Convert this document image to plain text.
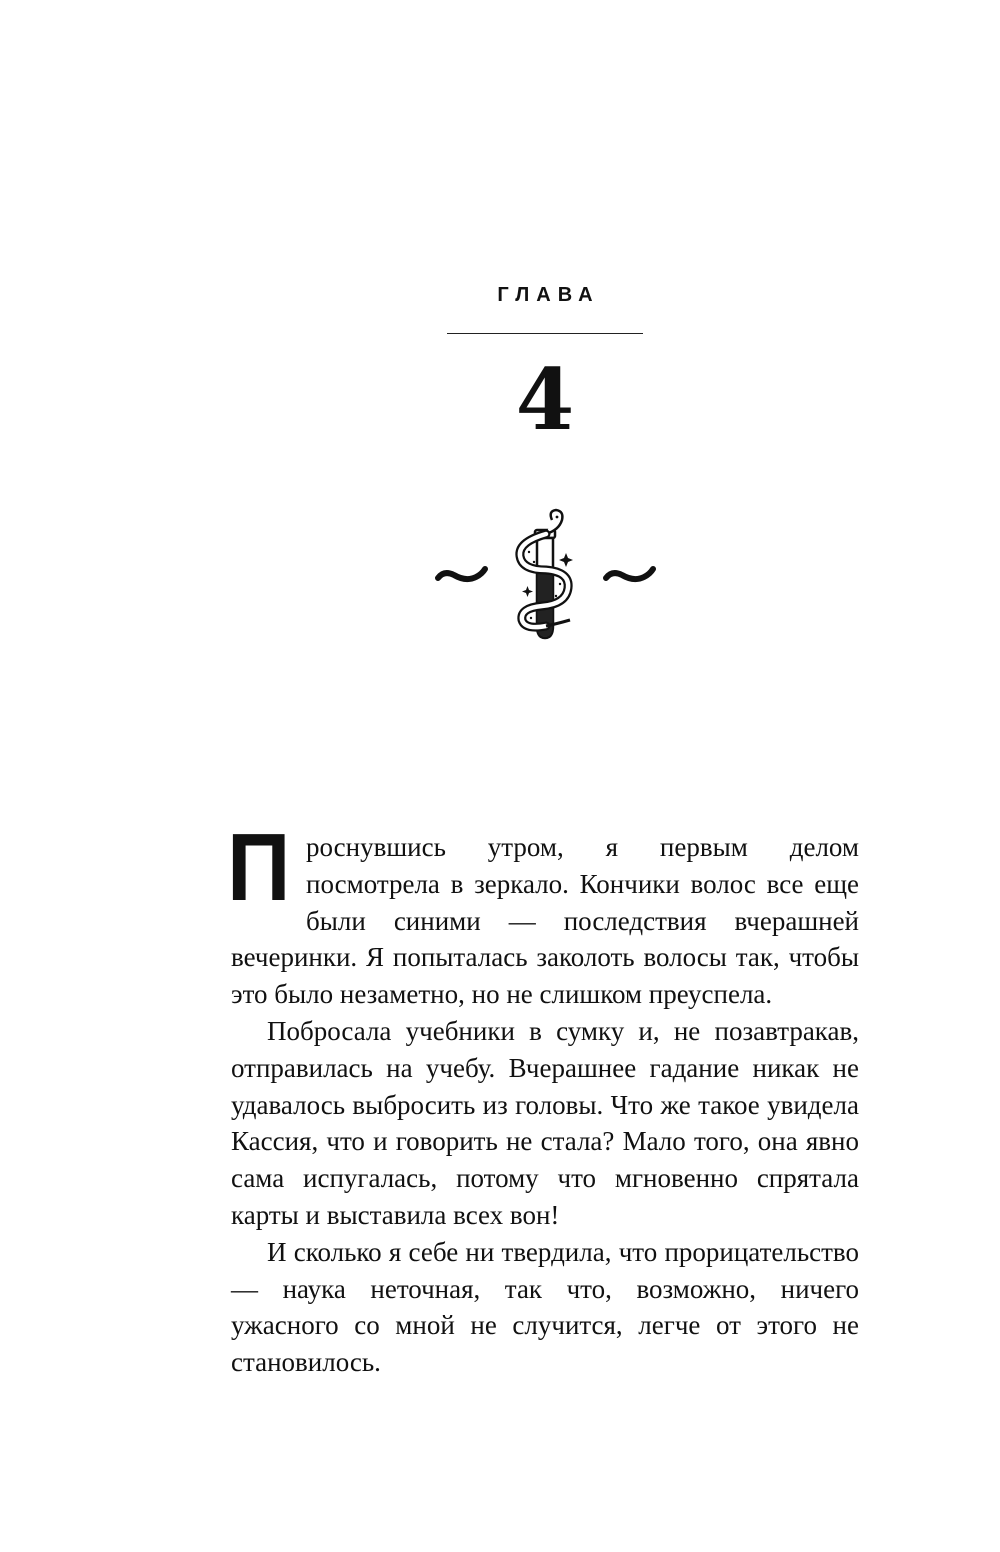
ГЛАВА
4

Проснувшись утром, я первым делом посмотрела в зеркало. Кончики волос все еще были синими — последствия вчерашней вечеринки. Я попыталась заколоть волосы так, чтобы это было незаметно, но не слишком преуспела.

Побросала учебники в сумку и, не позавтракав, отправилась на учебу. Вчерашнее гадание никак не удавалось выбросить из головы. Что же такое увидела Кассия, что и говорить не стала? Мало того, она явно сама испугалась, потому что мгновенно спрятала карты и выставила всех вон!

И сколько я себе ни твердила, что прорицательство — наука неточная, так что, возможно, ничего ужасного со мной не случится, легче от этого не становилось.
